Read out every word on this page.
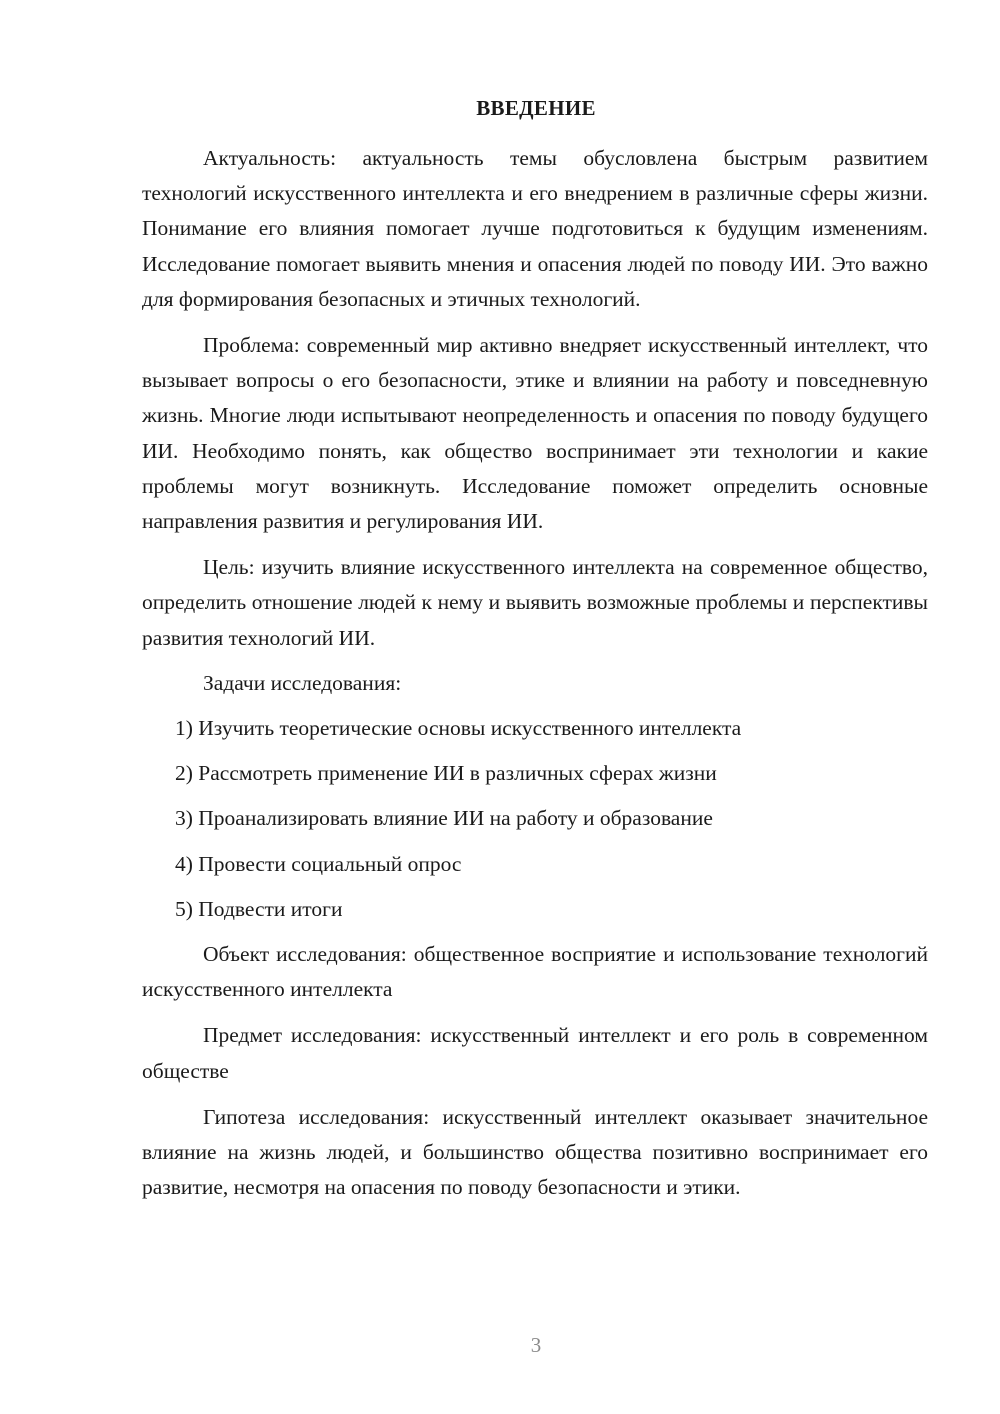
ВВЕДЕНИЕ

Актуальность: актуальность темы обусловлена быстрым развитием технологий искусственного интеллекта и его внедрением в различные сферы жизни. Понимание его влияния помогает лучше подготовиться к будущим изменениям. Исследование помогает выявить мнения и опасения людей по поводу ИИ. Это важно для формирования безопасных и этичных технологий.

Проблема: современный мир активно внедряет искусственный интеллект, что вызывает вопросы о его безопасности, этике и влиянии на работу и повседневную жизнь. Многие люди испытывают неопределенность и опасения по поводу будущего ИИ. Необходимо понять, как общество воспринимает эти технологии и какие проблемы могут возникнуть. Исследование поможет определить основные направления развития и регулирования ИИ.

Цель: изучить влияние искусственного интеллекта на современное общество, определить отношение людей к нему и выявить возможные проблемы и перспективы развития технологий ИИ.

Задачи исследования:

1) Изучить теоретические основы искусственного интеллекта

2) Рассмотреть применение ИИ в различных сферах жизни

3) Проанализировать влияние ИИ на работу и образование

4) Провести социальный опрос

5) Подвести итоги

Объект исследования: общественное восприятие и использование технологий искусственного интеллекта

Предмет исследования: искусственный интеллект и его роль в современном обществе

Гипотеза исследования: искусственный интеллект оказывает значительное влияние на жизнь людей, и большинство общества позитивно воспринимает его развитие, несмотря на опасения по поводу безопасности и этики.

3
